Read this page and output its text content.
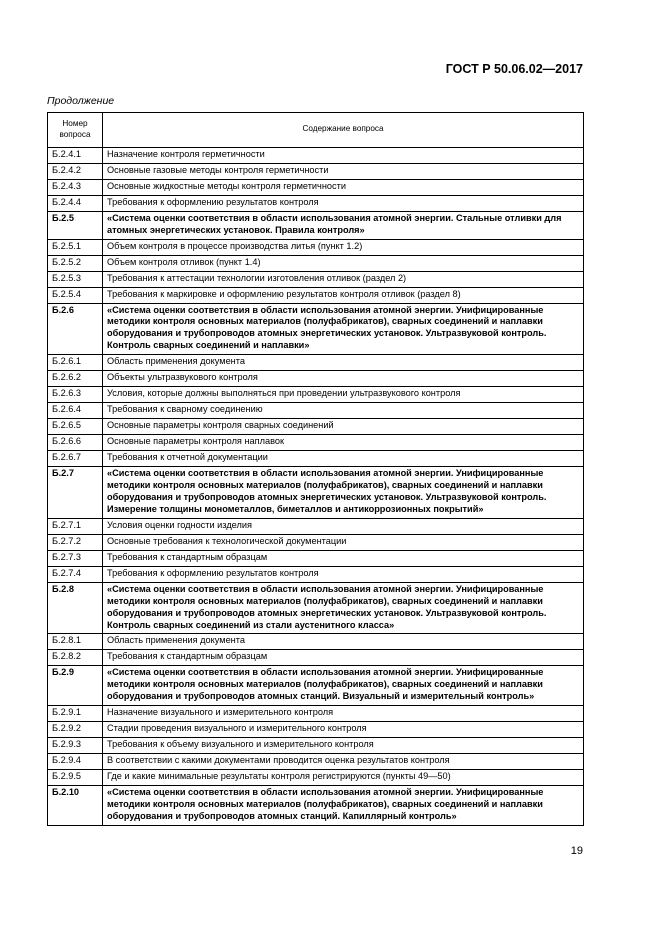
ГОСТ Р 50.06.02—2017
Продолжение
Номер вопроса	Содержание вопроса
Б.2.4.1	Назначение контроля герметичности
Б.2.4.2	Основные газовые методы контроля герметичности
Б.2.4.3	Основные жидкостные методы контроля герметичности
Б.2.4.4	Требования к оформлению результатов контроля
Б.2.5	«Система оценки соответствия в области использования атомной энергии. Стальные отливки для атомных энергетических установок. Правила контроля»
Б.2.5.1	Объем контроля в процессе производства литья (пункт 1.2)
Б.2.5.2	Объем контроля отливок (пункт 1.4)
Б.2.5.3	Требования к аттестации технологии изготовления отливок (раздел 2)
Б.2.5.4	Требования к маркировке и оформлению результатов контроля отливок (раздел 8)
Б.2.6	«Система оценки соответствия в области использования атомной энергии. Унифицированные методики контроля основных материалов (полуфабрикатов), сварных соединений и наплавки оборудования и трубопроводов атомных энергетических установок. Ультразвуковой контроль. Контроль сварных соединений и наплавки»
Б.2.6.1	Область применения документа
Б.2.6.2	Объекты ультразвукового контроля
Б.2.6.3	Условия, которые должны выполняться при проведении ультразвукового контроля
Б.2.6.4	Требования к сварному соединению
Б.2.6.5	Основные параметры контроля сварных соединений
Б.2.6.6	Основные параметры контроля наплавок
Б.2.6.7	Требования к отчетной документации
Б.2.7	«Система оценки соответствия в области использования атомной энергии. Унифицированные методики контроля основных материалов (полуфабрикатов), сварных соединений и наплавки оборудования и трубопроводов атомных энергетических установок. Ультразвуковой контроль. Измерение толщины монометаллов, биметаллов и антикоррозионных покрытий»
Б.2.7.1	Условия оценки годности изделия
Б.2.7.2	Основные требования к технологической документации
Б.2.7.3	Требования к стандартным образцам
Б.2.7.4	Требования к оформлению результатов контроля
Б.2.8	«Система оценки соответствия в области использования атомной энергии. Унифицированные методики контроля основных материалов (полуфабрикатов), сварных соединений и наплавки оборудования и трубопроводов атомных энергетических установок. Ультразвуковой контроль. Контроль сварных соединений из стали аустенитного класса»
Б.2.8.1	Область применения документа
Б.2.8.2	Требования к стандартным образцам
Б.2.9	«Система оценки соответствия в области использования атомной энергии. Унифицированные методики контроля основных материалов (полуфабрикатов), сварных соединений и наплавки оборудования и трубопроводов атомных станций. Визуальный и измерительный контроль»
Б.2.9.1	Назначение визуального и измерительного контроля
Б.2.9.2	Стадии проведения визуального и измерительного контроля
Б.2.9.3	Требования к объему визуального и измерительного контроля
Б.2.9.4	В соответствии с какими документами проводится оценка результатов контроля
Б.2.9.5	Где и какие минимальные результаты контроля регистрируются (пункты 49—50)
Б.2.10	«Система оценки соответствия в области использования атомной энергии. Унифицированные методики контроля основных материалов (полуфабрикатов), сварных соединений и наплавки оборудования и трубопроводов атомных станций. Капиллярный контроль»
19
